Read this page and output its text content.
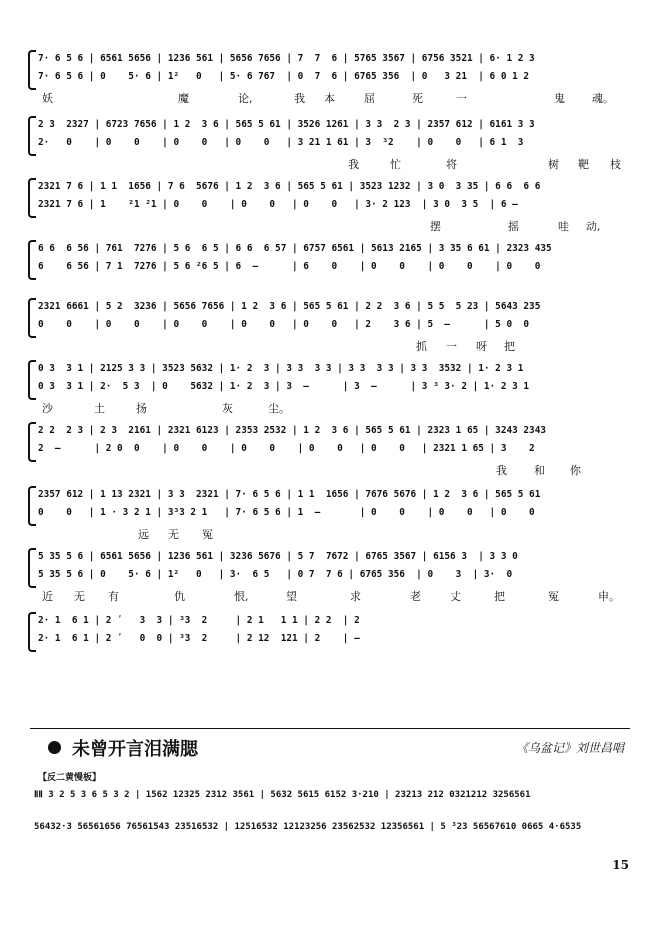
7· 6 5 6 | 6561 5656 | 1236 561 | 5656 7656 | 7  7  6 | 5765 3567 | 6756 3521 | 6· 1 2 3
7· 6 5 6 | 0    5· 6 | 1²   0   | 5· 6 767  | 0  7  6 | 6765 356  | 0   3 21  | 6 0 1 2
妖	魔	论,	我 本	屈	死	一	鬼 魂。
2 3  2327 | 6723 7656 | 1 2  3 6 | 565 5 61 | 3526 1261 | 3 3  2 3 | 2357 612 | 6161 3 3
2·   0    | 0    0    | 0    0   | 0    0   | 3 21 1 61 | 3  ³2    | 0    0   | 6 1  3
我	忙	将	树 靶 枝
2321 7 6 | 1 1  1656 | 7 6  5676 | 1 2  3 6 | 565 5 61 | 3523 1232 | 3 0  3 35 | 6 6  6 6
2321 7 6 | 1    ²1 ²1 | 0    0    | 0    0   | 0    0   | 3· 2 123  | 3 0  3 5  | 6 —
摆	摇	哇 动,
6 6  6 56 | 761  7276 | 5 6  6 5 | 6 6  6 57 | 6757 6561 | 5613 2165 | 3 35 6 61 | 2323 435
6    6 56 | 7 1  7276 | 5 6 ²6 5 | 6  —      | 6    0    | 0    0    | 0    0    | 0    0
2321 6661 | 5 2  3236 | 5656 7656 | 1 2  3 6 | 565 5 61 | 2 2  3 6 | 5 5  5 23 | 5643 235
0    0    | 0    0    | 0    0    | 0    0   | 0    0   | 2    3 6 | 5  —      | 5 0  0
抓 一 呀 把
0 3  3 1 | 2125 3 3 | 3523 5632 | 1· 2  3 | 3 3  3 3 | 3 3  3 3 | 3 3  3532 | 1· 2 3 1
0 3  3 1 | 2·  5 3  | 0    5632 | 1· 2  3 | 3  —      | 3  —      | 3 ³ 3· 2 | 1· 2 3 1
沙	土	扬	灰	尘。
2 2  2 3 | 2 3  2161 | 2321 6123 | 2353 2532 | 1 2  3 6 | 565 5 61 | 2323 1 65 | 3243 2343
2  —      | 2 0  0    | 0    0    | 0    0    | 0    0   | 0    0   | 2321 1 65 | 3    2
我 和 你
2357 612 | 1 13 2321 | 3 3  2321 | 7· 6 5 6 | 1 1  1656 | 7676 5676 | 1 2  3 6 | 565 5 61
0    0   | 1 · 3 2 1 | 3³3 2 1   | 7· 6 5 6 | 1  —       | 0    0    | 0    0   | 0    0
远 无 冤
5 35 5 6 | 6561 5656 | 1236 561 | 3236 5676 | 5 7  7672 | 6765 3567 | 6156 3  | 3 3 0
5 35 5 6 | 0    5· 6 | 1²   0   | 3·  6 5   | 0 7  7 6 | 6765 356  | 0    3  | 3·  0
近 无 有	仇	恨,	望	求	老	丈	把	冤	申。
2· 1  6 1 | 2 ʹ   3  3 | ³3  2     | 2 1   1 1 | 2 2  | 2
2· 1  6 1 | 2 ʹ   0  0 | ³3  2     | 2 12  121 | 2    | —
未曾开言泪满腮	《乌盆记》刘世昌唱
【反二黄慢板】
ⅡⅡ 3 2 5 3 6 5 3 2 | 1562 12325 2312 3561 | 5632 5615 6152 3·210 | 23213 212 0321212 3256561
56432·3 56561656 76561543 23516532 | 12516532 12123256 23562532 12356561 | 5 ³23 56567610 0665 4·6535
15
